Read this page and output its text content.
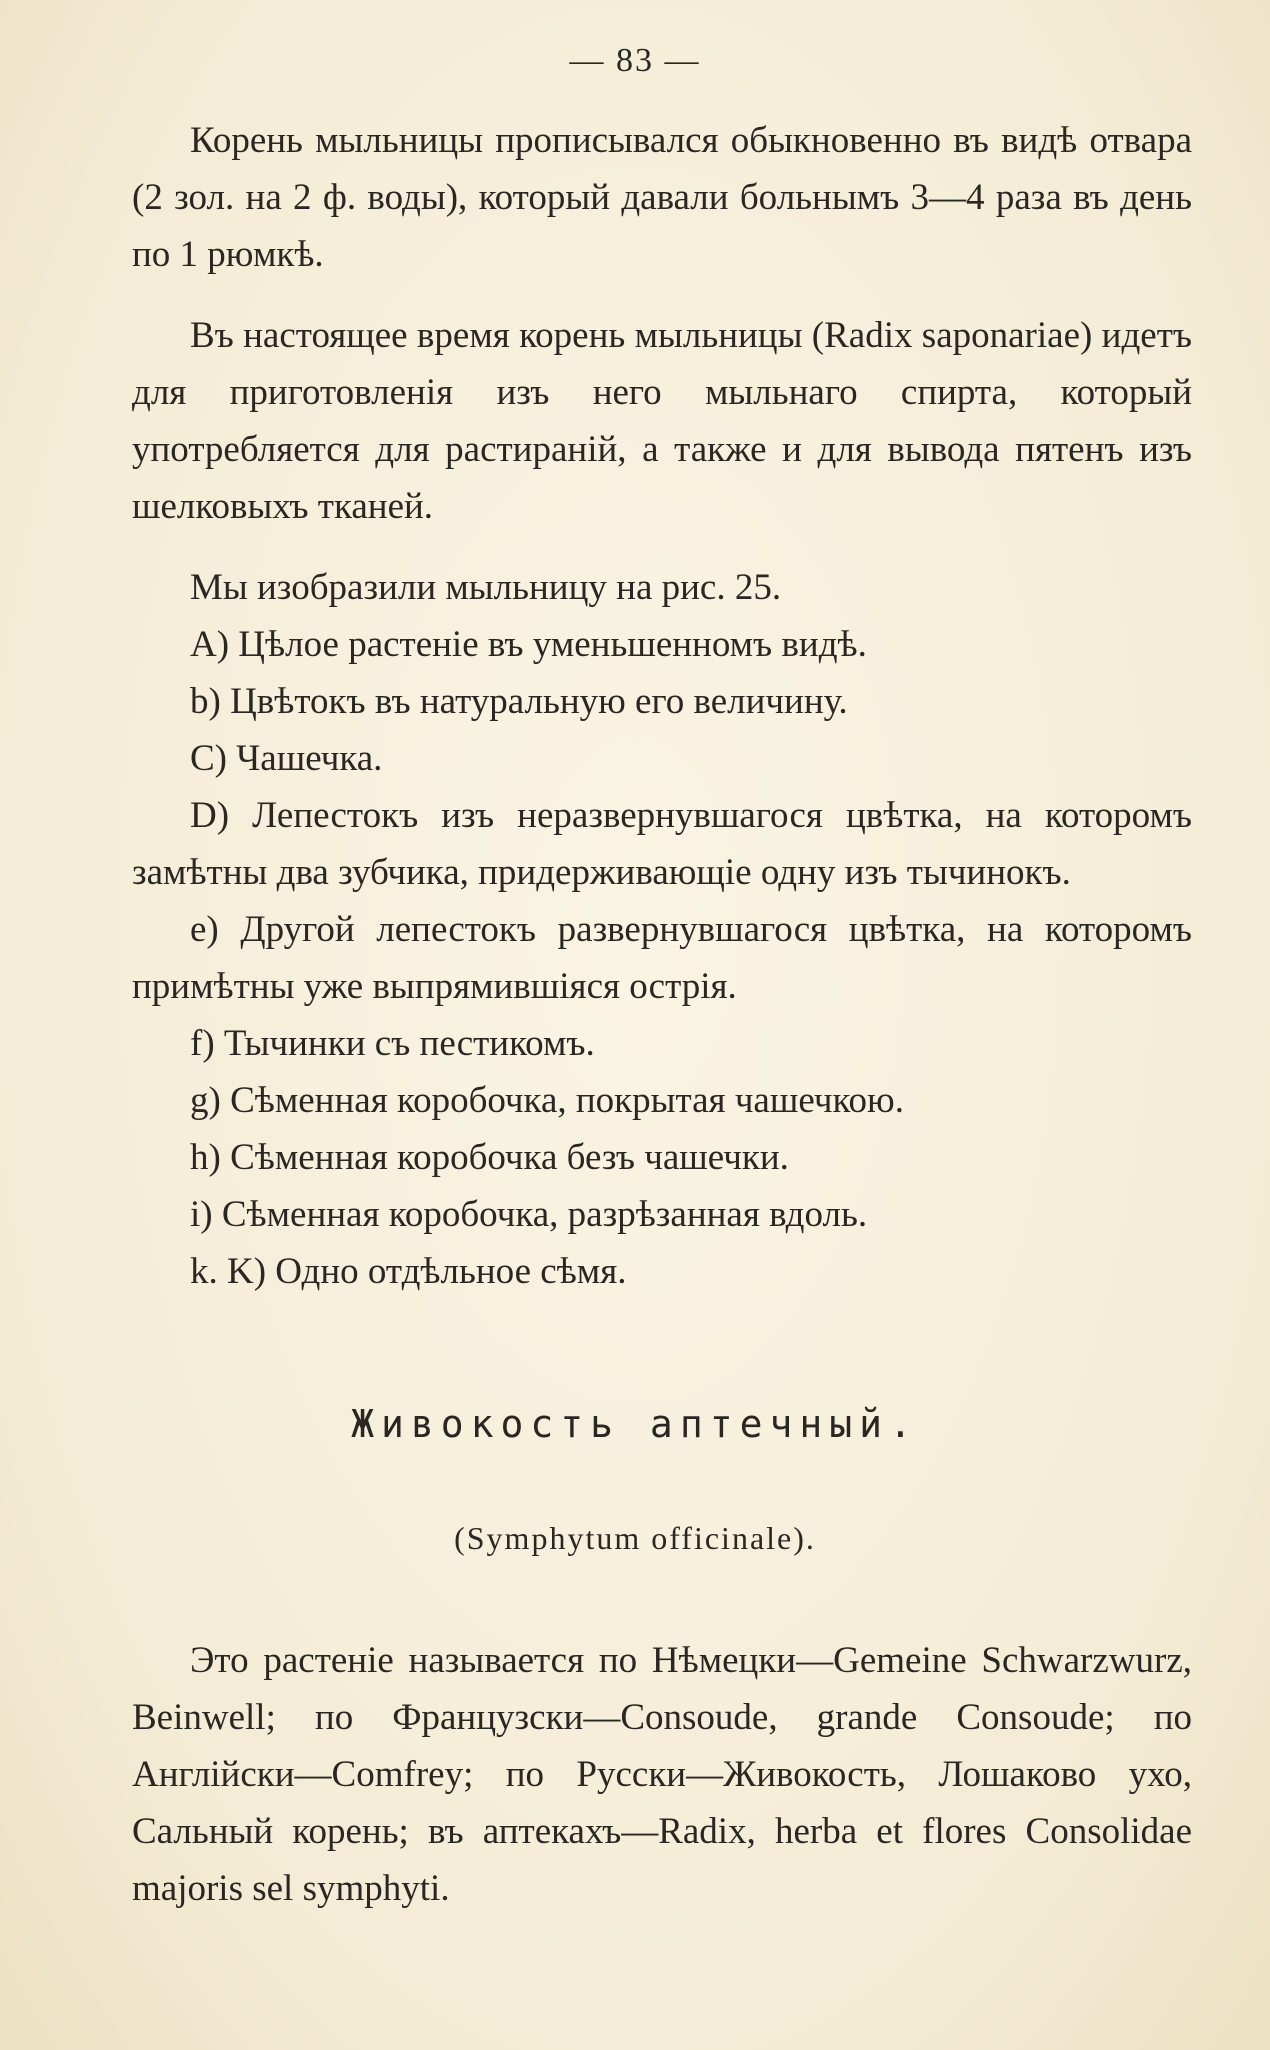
— 83 —

Корень мыльницы прописывался обыкновенно въ видѣ отвара (2 зол. на 2 ф. воды), который давали больнымъ 3—4 раза въ день по 1 рюмкѣ.

Въ настоящее время корень мыльницы (Radix saponariae) идетъ для приготовленія изъ него мыльнаго спирта, который употребляется для растираній, а также и для вывода пятенъ изъ шелковыхъ тканей.

Мы изобразили мыльницу на рис. 25.

A) Цѣлое растеніе въ уменьшенномъ видѣ.

b) Цвѣтокъ въ натуральную его величину.

C) Чашечка.

D) Лепестокъ изъ неразвернувшагося цвѣтка, на которомъ замѣтны два зубчика, придерживающіе одну изъ тычинокъ.

e) Другой лепестокъ развернувшагося цвѣтка, на которомъ примѣтны уже выпрямившіяся острія.

f) Тычинки съ пестикомъ.

g) Сѣменная коробочка, покрытая чашечкою.

h) Сѣменная коробочка безъ чашечки.

i) Сѣменная коробочка, разрѣзанная вдоль.

k. K) Одно отдѣльное сѣмя.

Живокость аптечный.
(Symphytum officinale).

Это растеніе называется по Нѣмецки—Gemeine Schwarzwurz, Beinwell; по Французски—Consoude, grande Consoude; по Англійски—Comfrey; по Русски—Живокость, Лошаково ухо, Сальный корень; въ аптекахъ—Radix, herba et flores Consolidae majoris sel symphyti.
